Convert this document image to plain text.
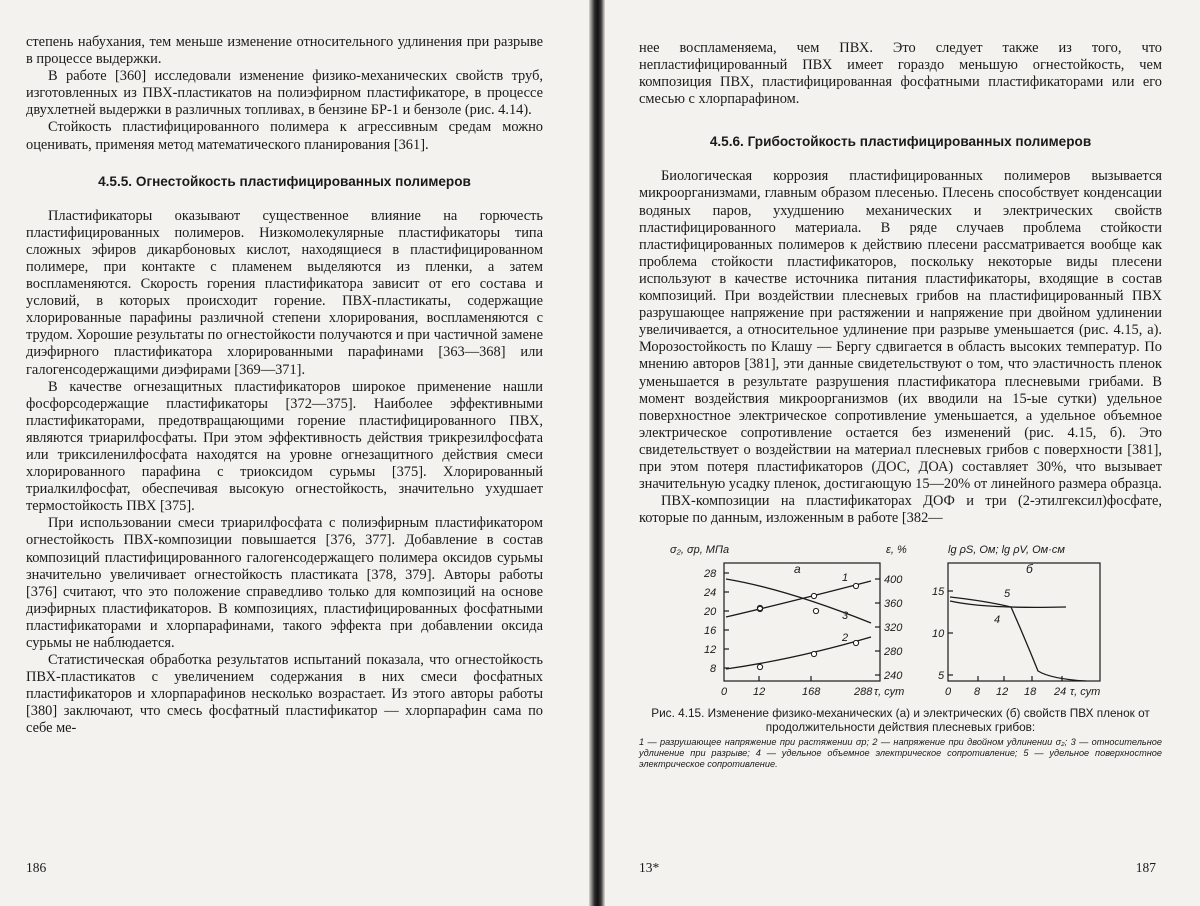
степень набухания, тем меньше изменение относительного удлинения при разрыве в процессе выдержки.

В работе [360] исследовали изменение физико-механических свойств труб, изготовленных из ПВХ-пластикатов на полиэфирном пластификаторе, в процессе двухлетней выдержки в различных топливах, в бензине БР-1 и бензоле (рис. 4.14).

Стойкость пластифицированного полимера к агрессивным средам можно оценивать, применяя метод математического планирования [361].

4.5.5. Огнестойкость пластифицированных полимеров

Пластификаторы оказывают существенное влияние на горючесть пластифицированных полимеров. Низкомолекулярные пластификаторы типа сложных эфиров дикарбоновых кислот, находящиеся в пластифицированном полимере, при контакте с пламенем выделяются из пленки, а затем воспламеняются. Скорость горения пластификатора зависит от его состава и условий, в которых происходит горение. ПВХ-пластикаты, содержащие хлорированные парафины различной степени хлорирования, воспламеняются с трудом. Хорошие результаты по огнестойкости получаются и при частичной замене диэфирного пластификатора хлорированными парафинами [363—368] или галогенсодержащими диэфирами [369—371].

В качестве огнезащитных пластификаторов широкое применение нашли фосфорсодержащие пластификаторы [372—375]. Наиболее эффективными пластификаторами, предотвращающими горение пластифицированного ПВХ, являются триарилфосфаты. При этом эффективность действия трикрезилфосфата или триксиленилфосфата находятся на уровне огнезащитного действия смеси хлорированного парафина с триоксидом сурьмы [375]. Хлорированный триалкилфосфат, обеспечивая высокую огнестойкость, значительно ухудшает термостойкость ПВХ [375].

При использовании смеси триарилфосфата с полиэфирным пластификатором огнестойкость ПВХ-композиции повышается [376, 377]. Добавление в состав композиций пластифицированного галогенсодержащего полимера оксидов сурьмы значительно увеличивает огнестойкость пластиката [378, 379]. Авторы работы [376] считают, что это положение справедливо только для композиций на основе диэфирных пластификаторов. В композициях, пластифицированных фосфатными пластификаторами и хлорпарафинами, такого эффекта при добавлении оксида сурьмы не наблюдается.

Статистическая обработка результатов испытаний показала, что огнестойкость ПВХ-пластикатов с увеличением содержания в них смеси фосфатных пластификаторов и хлорпарафинов несколько возрастает. Из этого авторы работы [380] заключают, что смесь фосфатный пластификатор — хлорпарафин сама по себе ме-

186

нее воспламеняема, чем ПВХ. Это следует также из того, что непластифицированный ПВХ имеет гораздо меньшую огнестойкость, чем композиция ПВХ, пластифицированная фосфатными пластификаторами или его смесью с хлорпарафином.

4.5.6. Грибостойкость пластифицированных полимеров

Биологическая коррозия пластифицированных полимеров вызывается микроорганизмами, главным образом плесенью. Плесень способствует конденсации водяных паров, ухудшению механических и электрических свойств пластифицированного материала. В ряде случаев проблема стойкости пластифицированных полимеров к действию плесени рассматривается вообще как проблема стойкости пластификаторов, поскольку некоторые виды плесени используют в качестве источника питания пластификаторы, входящие в состав композиций. При воздействии плесневых грибов на пластифицированный ПВХ разрушающее напряжение при растяжении и напряжение при двойном удлинении увеличивается, а относительное удлинение при разрыве уменьшается (рис. 4.15, а). Морозостойкость по Клашу — Бергу сдвигается в область высоких температур. По мнению авторов [381], эти данные свидетельствуют о том, что эластичность пленок уменьшается в результате разрушения пластификатора плесневыми грибами. В момент воздействия микроорганизмов (их вводили на 15-ые сутки) удельное поверхностное электрическое сопротивление уменьшается, а удельное объемное электрическое сопротивление остается без изменений (рис. 4.15, б). Это свидетельствует о воздействии на материал плесневых грибов с поверхности [381], при этом потеря пластификаторов (ДОС, ДОА) составляет 30%, что вызывает значительную усадку пленок, достигающую 15—20% от линейного размера образца.

ПВХ-композиции на пластификаторах ДОФ и три (2-этилгексил)фосфате, которые по данным, изложенным в работе [382—

σ₂, σр, МПа	ε, %	lg ρS, Ом; lg ρV, Ом·см
а	б
28
24
20
16
12
8
400
360
320
280
240
0 12	168	288 τ, сут
15
10
5
0 8 12 18 24 τ, сут
1
2
3	4
5
Рис. 4.15. Изменение физико-механических (а) и электрических (б) свойств ПВХ пленок от продолжительности действия плесневых грибов:
1 — разрушающее напряжение при растяжении σр; 2 — напряжение при двойном удлинении σ₂; 3 — относительное удлинение при разрыве; 4 — удельное объемное электрическое сопротивление; 5 — удельное поверхностное электрическое сопротивление.
13*	187
